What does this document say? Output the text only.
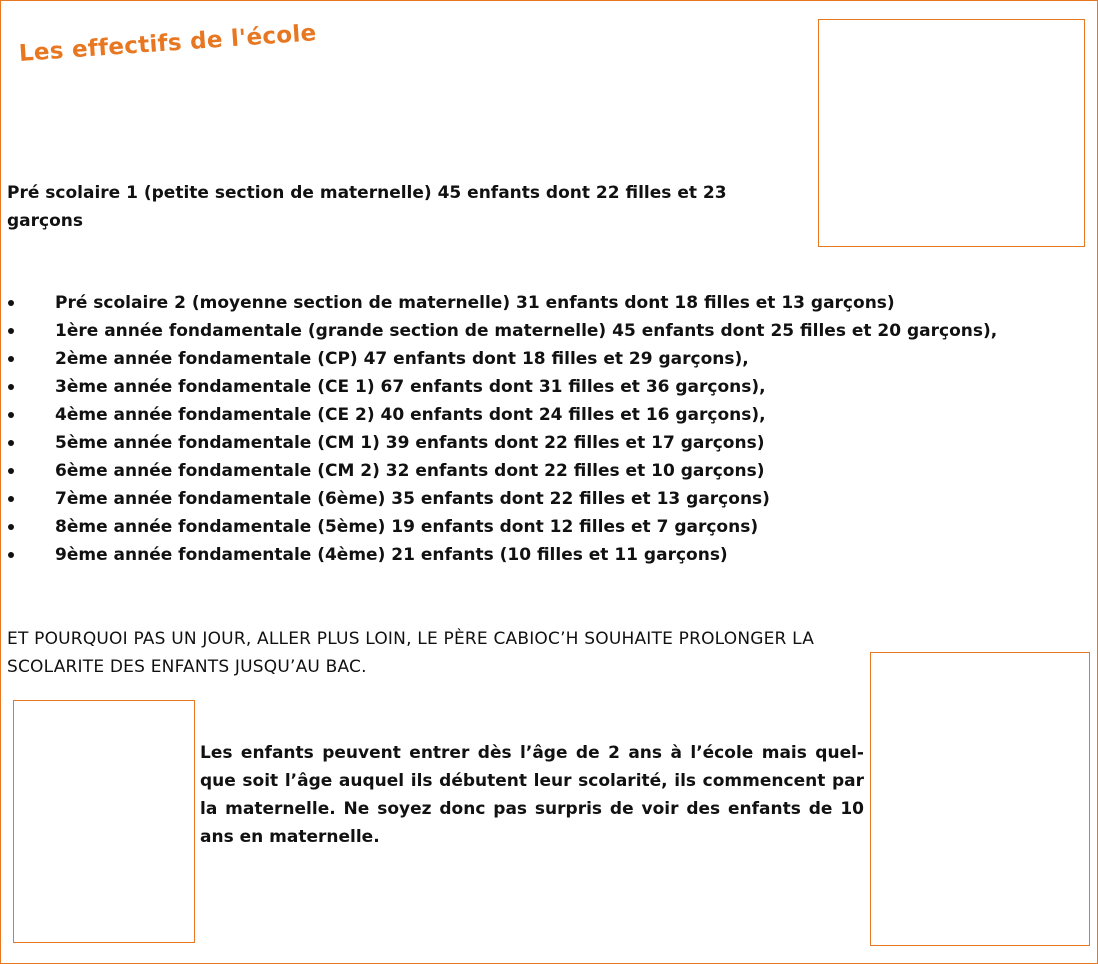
Les effectifs de l'école

Pré scolaire 1 (petite section de maternelle) 45 enfants dont 22 filles et 23 garçons

Pré scolaire 2 (moyenne section de maternelle) 31 enfants dont 18 filles et 13 garçons)
1ère année fondamentale (grande section de maternelle) 45 enfants dont 25 filles et 20 garçons),
2ème année fondamentale (CP) 47 enfants dont 18 filles et 29 garçons),
3ème année fondamentale (CE 1) 67 enfants dont 31 filles et 36 garçons),
4ème année fondamentale (CE 2) 40 enfants dont 24 filles et 16 garçons),
5ème année fondamentale (CM 1) 39 enfants dont 22 filles et 17 garçons)
6ème année fondamentale (CM 2) 32 enfants dont 22 filles et 10 garçons)
7ème année fondamentale (6ème) 35 enfants dont 22 filles et 13 garçons)
8ème année fondamentale (5ème) 19 enfants dont 12 filles et 7 garçons)
9ème année fondamentale (4ème) 21 enfants (10 filles et 11 garçons)

ET POURQUOI PAS UN JOUR, ALLER PLUS LOIN, LE PÈRE CABIOC’H SOUHAITE PROLONGER LA SCOLARITE DES ENFANTS JUSQU’AU BAC.

Les enfants peuvent entrer dès l’âge de 2 ans à l’école mais quel-que soit l’âge auquel ils débutent leur scolarité, ils commencent par la maternelle. Ne soyez donc pas surpris de voir des enfants de 10 ans en maternelle.
